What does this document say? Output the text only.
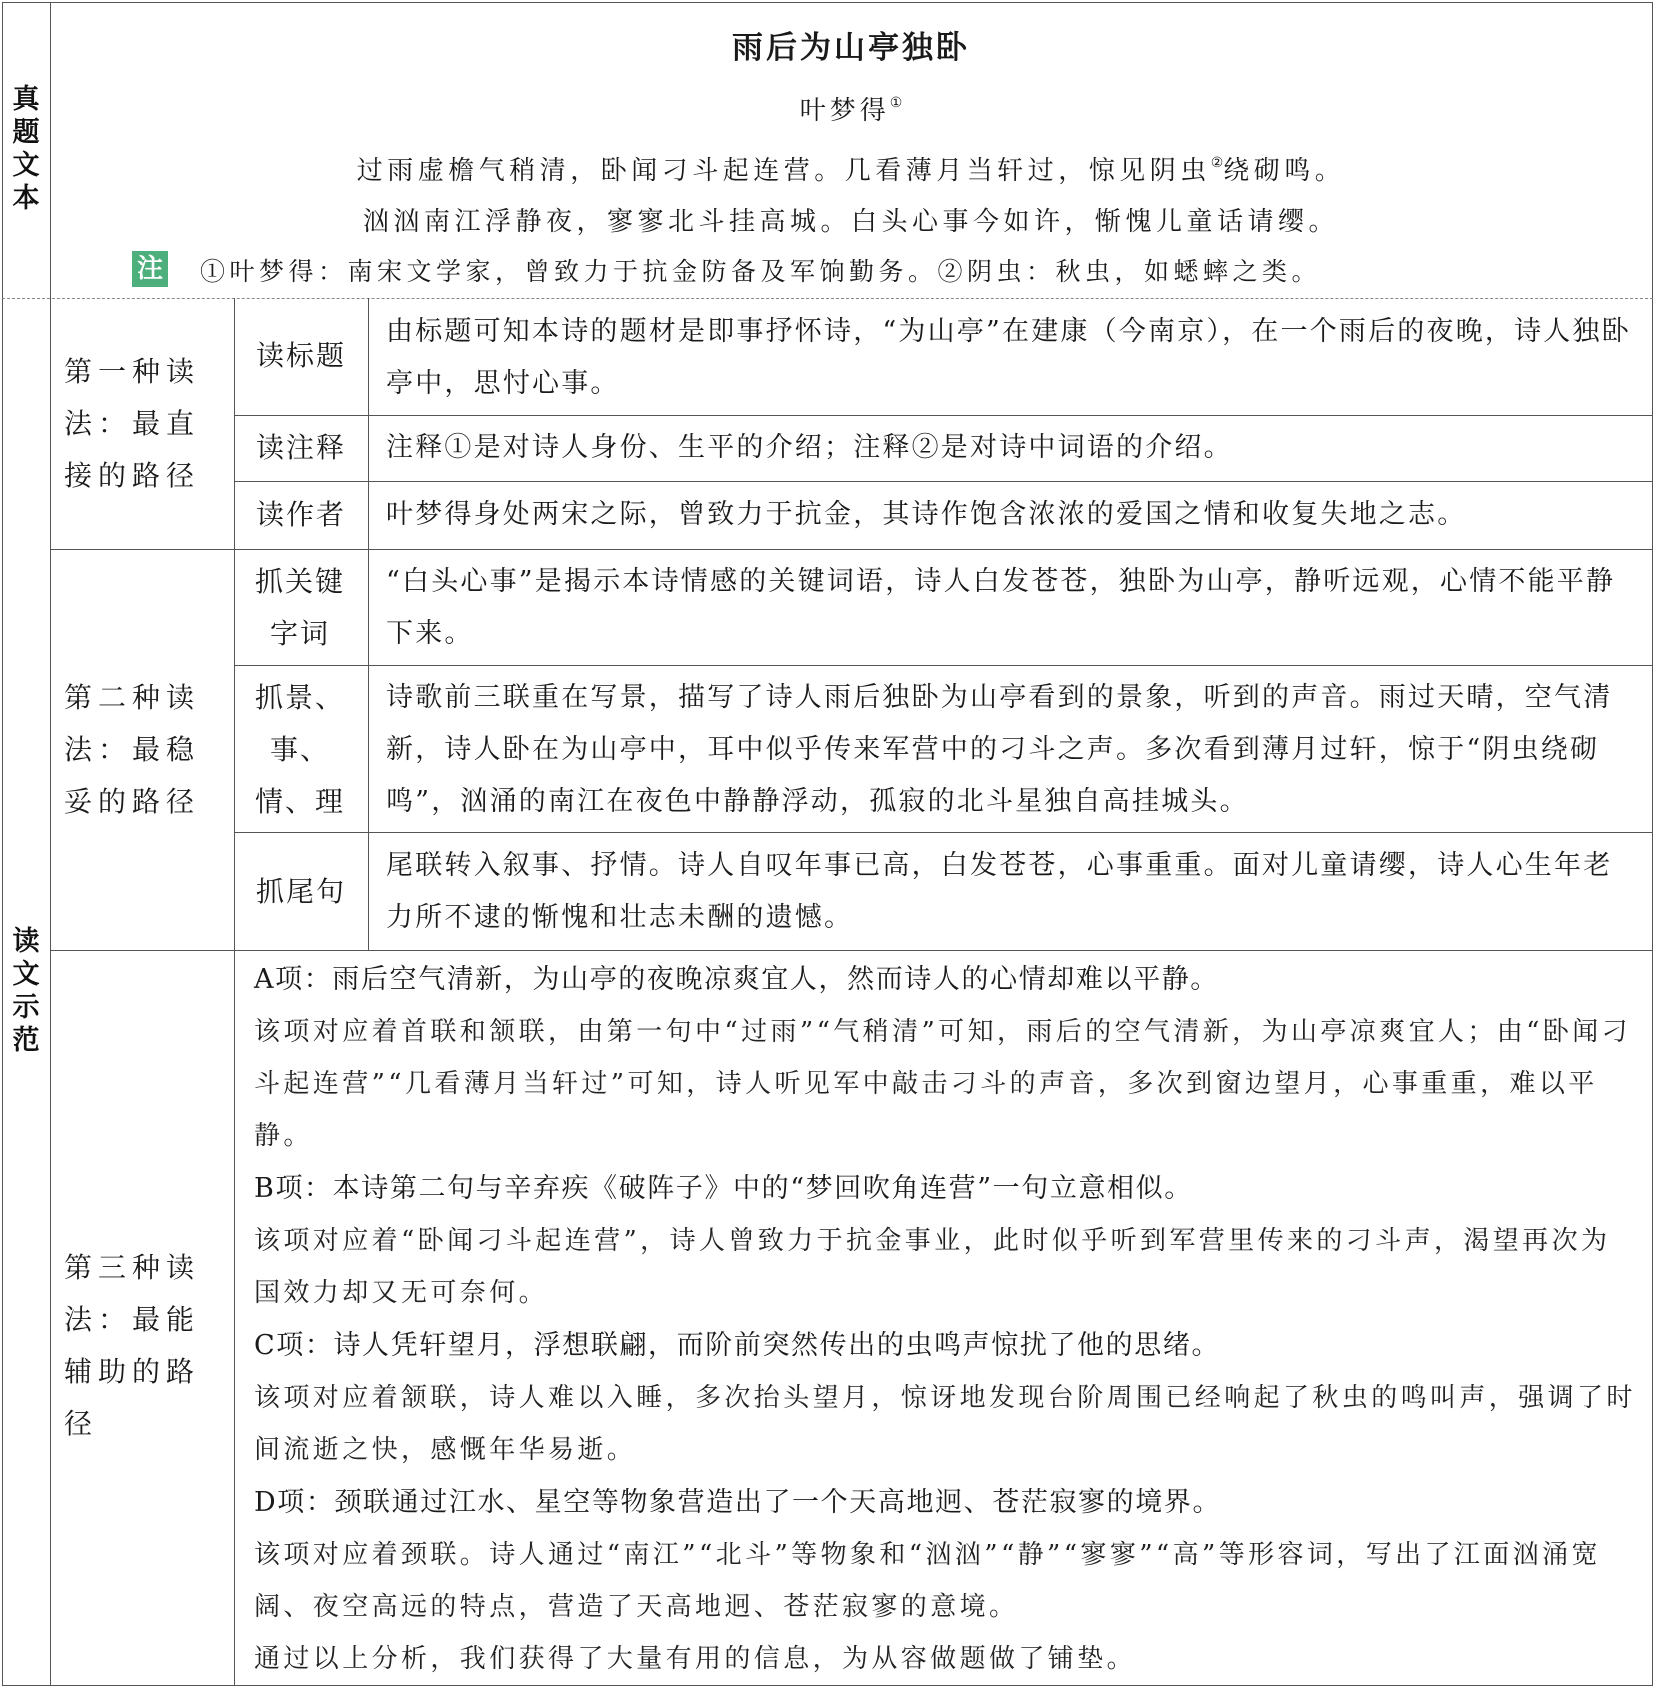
真
题
文
本
读
文
示
范
雨后为山亭独卧
叶梦得①
过雨虚檐气稍清，卧闻刁斗起连营。几看薄月当轩过，惊见阴虫②绕砌鸣。
汹汹南江浮静夜，寥寥北斗挂高城。白头心事今如许，惭愧儿童话请缨。
注 ①叶梦得：南宋文学家，曾致力于抗金防备及军饷勤务。②阴虫：秋虫，如蟋蟀之类。
第一种读法：最直接的路径
读标题
由标题可知本诗的题材是即事抒怀诗，“为山亭”在建康（今南京），在一个雨后的夜晚，诗人独卧亭中，思忖心事。
读注释	注释①是对诗人身份、生平的介绍；注释②是对诗中词语的介绍。
读作者	叶梦得身处两宋之际，曾致力于抗金，其诗作饱含浓浓的爱国之情和收复失地之志。
第二种读法：最稳妥的路径
抓关键字词
“白头心事”是揭示本诗情感的关键词语，诗人白发苍苍，独卧为山亭，静听远观，心情不能平静下来。
抓景、事、情、理
诗歌前三联重在写景，描写了诗人雨后独卧为山亭看到的景象，听到的声音。雨过天晴，空气清新，诗人卧在为山亭中，耳中似乎传来军营中的刁斗之声。多次看到薄月过轩，惊于“阴虫绕砌鸣”，汹涌的南江在夜色中静静浮动，孤寂的北斗星独自高挂城头。
抓尾句
尾联转入叙事、抒情。诗人自叹年事已高，白发苍苍，心事重重。面对儿童请缨，诗人心生年老力所不逮的惭愧和壮志未酬的遗憾。
第三种读法：最能辅助的路径
A项：雨后空气清新，为山亭的夜晚凉爽宜人，然而诗人的心情却难以平静。
该项对应着首联和颔联，由第一句中“过雨”“气稍清”可知，雨后的空气清新，为山亭凉爽宜人；由“卧闻刁斗起连营”“几看薄月当轩过”可知，诗人听见军中敲击刁斗的声音，多次到窗边望月，心事重重，难以平静。
B项：本诗第二句与辛弃疾《破阵子》中的“梦回吹角连营”一句立意相似。
该项对应着“卧闻刁斗起连营”，诗人曾致力于抗金事业，此时似乎听到军营里传来的刁斗声，渴望再次为国效力却又无可奈何。
C项：诗人凭轩望月，浮想联翩，而阶前突然传出的虫鸣声惊扰了他的思绪。
该项对应着颔联，诗人难以入睡，多次抬头望月，惊讶地发现台阶周围已经响起了秋虫的鸣叫声，强调了时间流逝之快，感慨年华易逝。
D项：颈联通过江水、星空等物象营造出了一个天高地迥、苍茫寂寥的境界。
该项对应着颈联。诗人通过“南江”“北斗”等物象和“汹汹”“静”“寥寥”“高”等形容词，写出了江面汹涌宽阔、夜空高远的特点，营造了天高地迥、苍茫寂寥的意境。
通过以上分析，我们获得了大量有用的信息，为从容做题做了铺垫。
